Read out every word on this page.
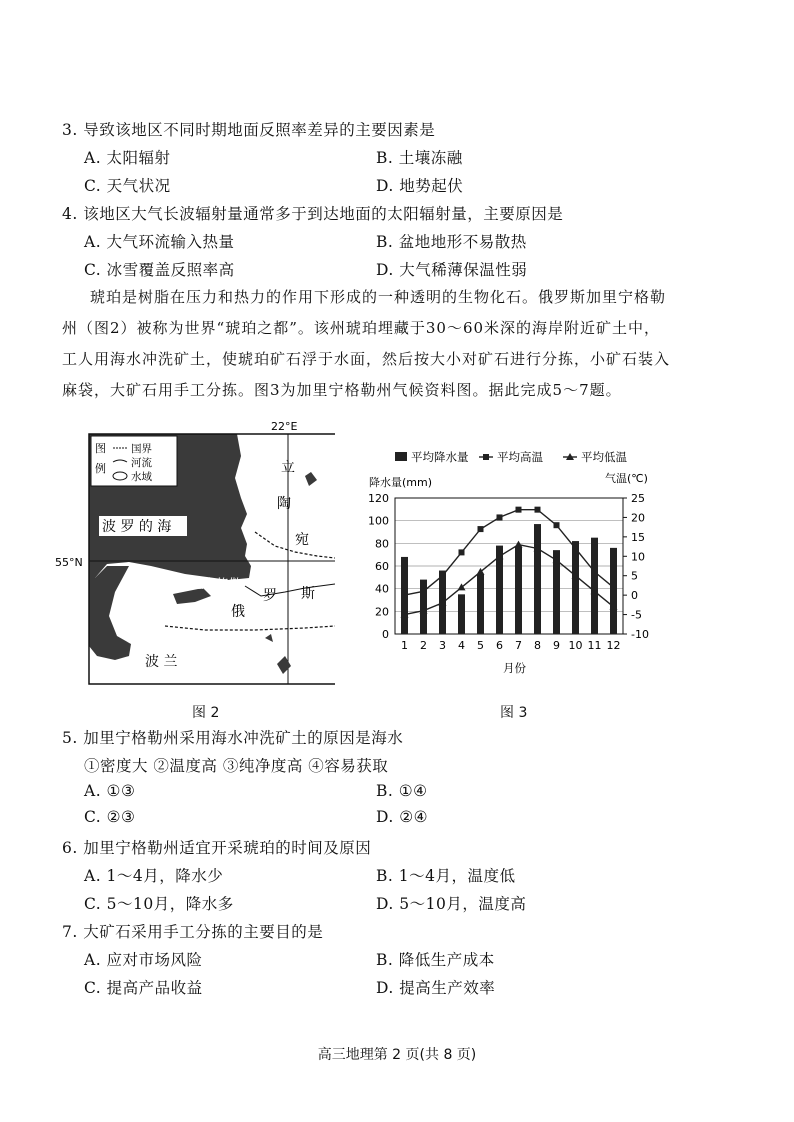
3. 导致该地区不同时期地面反照率差异的主要因素是
A. 太阳辐射	B. 土壤冻融
C. 天气状况	D. 地势起伏
4. 该地区大气长波辐射量通常多于到达地面的太阳辐射量，主要原因是
A. 大气环流输入热量	B. 盆地地形不易散热
C. 冰雪覆盖反照率高	D. 大气稀薄保温性弱

琥珀是树脂在压力和热力的作用下形成的一种透明的生物化石。俄罗斯加里宁格勒

州（图2）被称为世界“琥珀之都”。该州琥珀埋藏于30～60米深的海岸附近矿土中，

工人用海水冲洗矿土，使琥珀矿石浮于水面，然后按大小对矿石进行分拣，小矿石装入

麻袋，大矿石用手工分拣。图3为加里宁格勒州气候资料图。据此完成5～7题。

图
例
国界
河流
水域
22°E
55°N
波 罗 的 海
立
陶
宛
加里宁格勒
俄
罗 斯
波 兰
图 2
平均降水量 平均高温	平均低温
降水量(mm)	气温(℃)
0
20
40
60
80
100
120
-10
-5
0
5
10
15
20
25
1 2 3 4 5 6 7 8 9 10 11 12
月份
图 3
5. 加里宁格勒州采用海水冲洗矿土的原因是海水
①密度大 ②温度高 ③纯净度高 ④容易获取
A. ①③	B. ①④
C. ②③	D. ②④
6. 加里宁格勒州适宜开采琥珀的时间及原因
A. 1～4月，降水少	B. 1～4月，温度低
C. 5～10月，降水多	D. 5～10月，温度高
7. 大矿石采用手工分拣的主要目的是
A. 应对市场风险	B. 降低生产成本
C. 提高产品收益	D. 提高生产效率
高三地理第 2 页(共 8 页)
